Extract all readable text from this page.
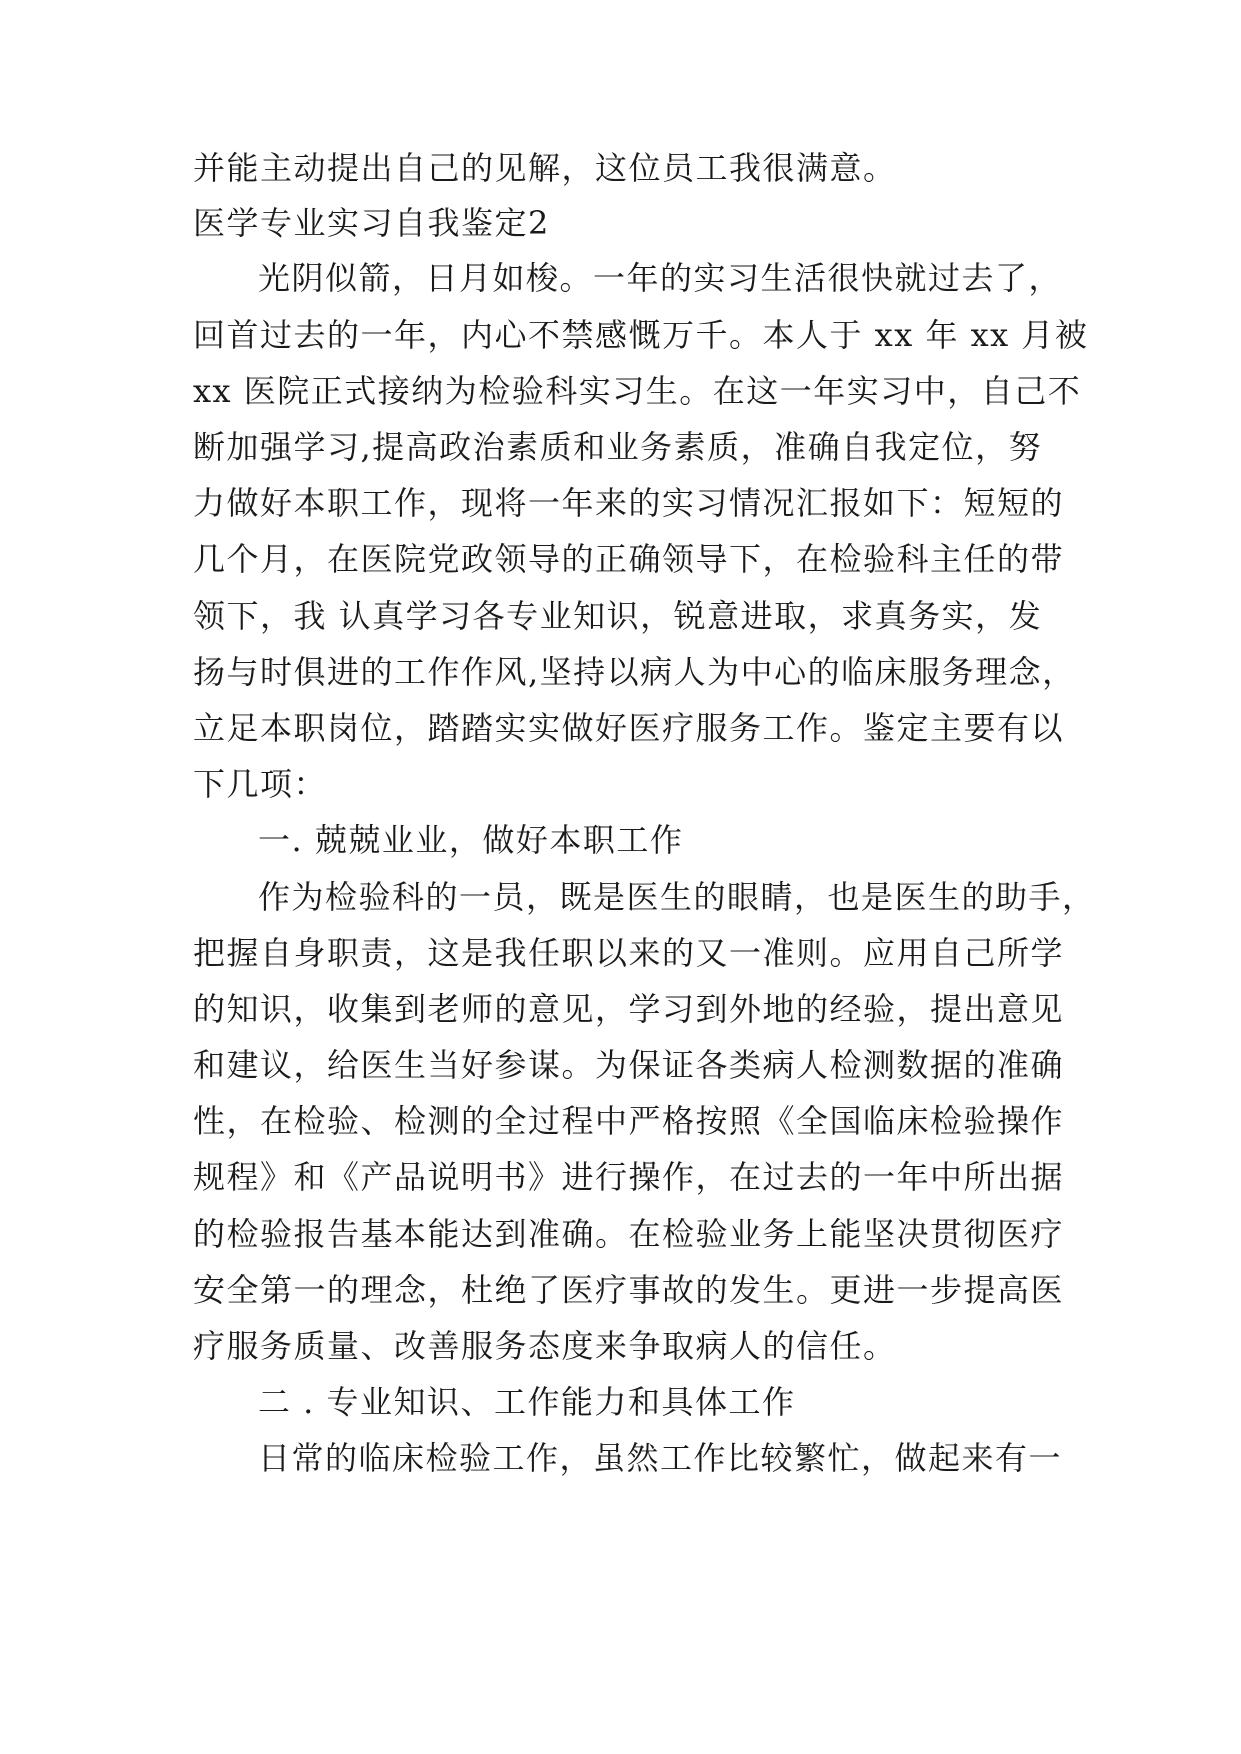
并能主动提出自己的见解，这位员工我很满意。
医学专业实习自我鉴定2
光阴似箭，日月如梭。一年的实习生活很快就过去了，
回首过去的一年，内心不禁感慨万千。本人于 xx 年 xx 月被
xx 医院正式接纳为检验科实习生。在这一年实习中，自己不
断加强学习,提高政治素质和业务素质，准确自我定位，努
力做好本职工作，现将一年来的实习情况汇报如下：短短的
几个月，在医院党政领导的正确领导下，在检验科主任的带
领下，我 认真学习各专业知识，锐意进取，求真务实，发
扬与时俱进的工作作风,坚持以病人为中心的临床服务理念，
立足本职岗位，踏踏实实做好医疗服务工作。鉴定主要有以
下几项：
一. 兢兢业业，做好本职工作
作为检验科的一员，既是医生的眼睛，也是医生的助手，
把握自身职责，这是我任职以来的又一准则。应用自己所学
的知识，收集到老师的意见，学习到外地的经验，提出意见
和建议，给医生当好参谋。为保证各类病人检测数据的准确
性，在检验、检测的全过程中严格按照《全国临床检验操作
规程》和《产品说明书》进行操作，在过去的一年中所出据
的检验报告基本能达到准确。在检验业务上能坚决贯彻医疗
安全第一的理念，杜绝了医疗事故的发生。更进一步提高医
疗服务质量、改善服务态度来争取病人的信任。
二 . 专业知识、工作能力和具体工作
日常的临床检验工作，虽然工作比较繁忙，做起来有一
